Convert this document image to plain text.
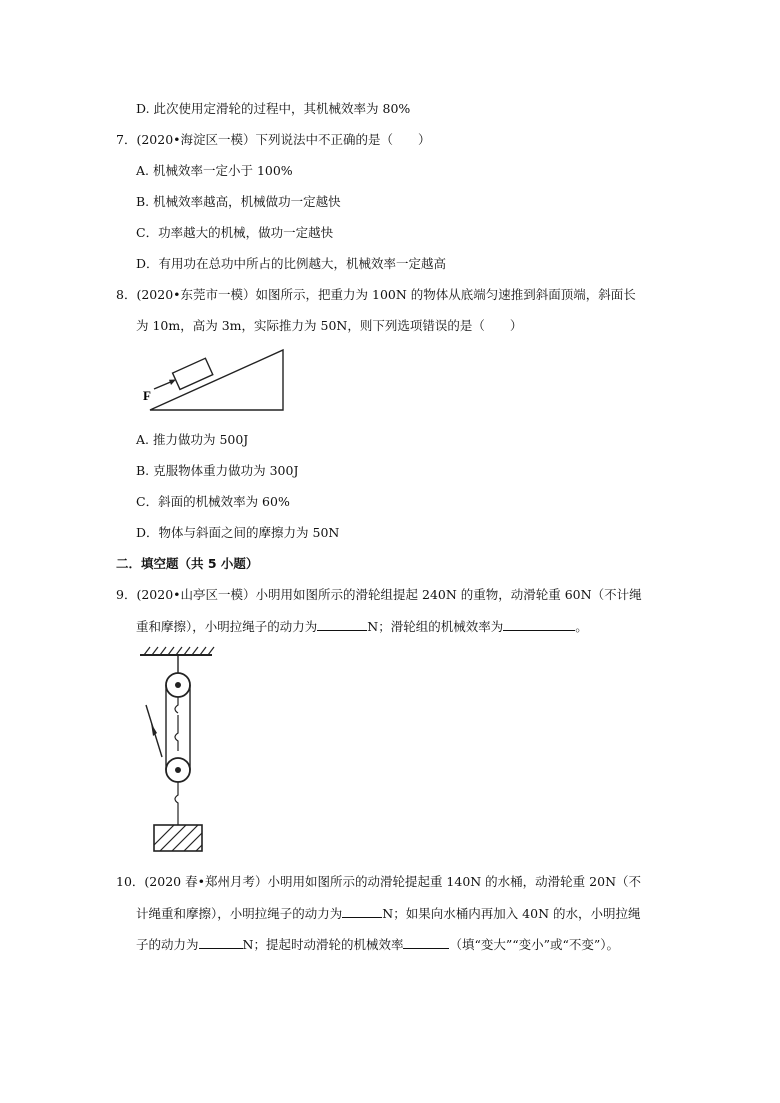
D. 此次使用定滑轮的过程中，其机械效率为 80%
7．(2020•海淀区一模）下列说法中不正确的是（　　）
A. 机械效率一定小于 100%
B. 机械效率越高，机械做功一定越快
C．功率越大的机械，做功一定越快
D．有用功在总功中所占的比例越大，机械效率一定越高
8．(2020•东莞市一模）如图所示，把重力为 100N 的物体从底端匀速推到斜面顶端，斜面长
为 10m，高为 3m，实际推力为 50N，则下列选项错误的是（　　）
F
A. 推力做功为 500J
B. 克服物体重力做功为 300J
C．斜面的机械效率为 60%
D．物体与斜面之间的摩擦力为 50N
二．填空题（共 5 小题）
9．(2020•山亭区一模）小明用如图所示的滑轮组提起 240N 的重物，动滑轮重 60N（不计绳
重和摩擦），小明拉绳子的动力为	N；滑轮组的机械效率为	。
10．(2020 春•郑州月考）小明用如图所示的动滑轮提起重 140N 的水桶，动滑轮重 20N（不
计绳重和摩擦），小明拉绳子的动力为	N；如果向水桶内再加入 40N 的水，小明拉绳
子的动力为	N；提起时动滑轮的机械效率	（填“变大”“变小”或“不变”）。
